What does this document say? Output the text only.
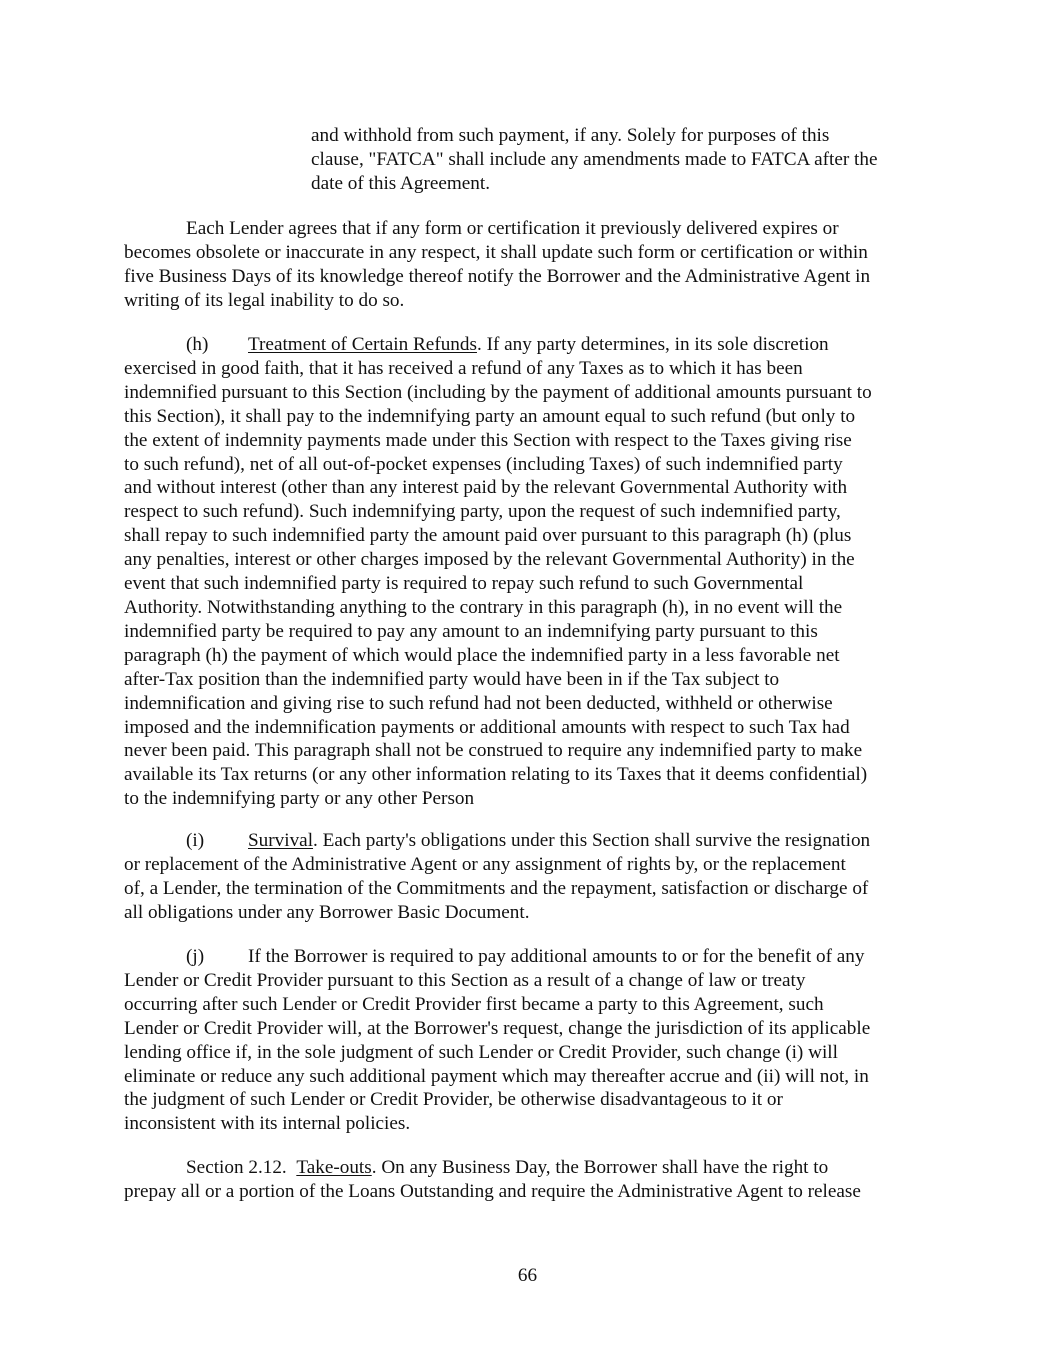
and withhold from such payment, if any. Solely for purposes of this
clause, "FATCA" shall include any amendments made to FATCA after the
date of this Agreement.

Each Lender agrees that if any form or certification it previously delivered expires or
becomes obsolete or inaccurate in any respect, it shall update such form or certification or within
five Business Days of its knowledge thereof notify the Borrower and the Administrative Agent in
writing of its legal inability to do so.

(h) Treatment of Certain Refunds. If any party determines, in its sole discretion
exercised in good faith, that it has received a refund of any Taxes as to which it has been
indemnified pursuant to this Section (including by the payment of additional amounts pursuant to
this Section), it shall pay to the indemnifying party an amount equal to such refund (but only to
the extent of indemnity payments made under this Section with respect to the Taxes giving rise
to such refund), net of all out-of-pocket expenses (including Taxes) of such indemnified party
and without interest (other than any interest paid by the relevant Governmental Authority with
respect to such refund). Such indemnifying party, upon the request of such indemnified party,
shall repay to such indemnified party the amount paid over pursuant to this paragraph (h) (plus
any penalties, interest or other charges imposed by the relevant Governmental Authority) in the
event that such indemnified party is required to repay such refund to such Governmental
Authority. Notwithstanding anything to the contrary in this paragraph (h), in no event will the
indemnified party be required to pay any amount to an indemnifying party pursuant to this
paragraph (h) the payment of which would place the indemnified party in a less favorable net
after-Tax position than the indemnified party would have been in if the Tax subject to
indemnification and giving rise to such refund had not been deducted, withheld or otherwise
imposed and the indemnification payments or additional amounts with respect to such Tax had
never been paid. This paragraph shall not be construed to require any indemnified party to make
available its Tax returns (or any other information relating to its Taxes that it deems confidential)
to the indemnifying party or any other Person

(i) Survival. Each party's obligations under this Section shall survive the resignation
or replacement of the Administrative Agent or any assignment of rights by, or the replacement
of, a Lender, the termination of the Commitments and the repayment, satisfaction or discharge of
all obligations under any Borrower Basic Document.

(j) If the Borrower is required to pay additional amounts to or for the benefit of any
Lender or Credit Provider pursuant to this Section as a result of a change of law or treaty
occurring after such Lender or Credit Provider first became a party to this Agreement, such
Lender or Credit Provider will, at the Borrower's request, change the jurisdiction of its applicable
lending office if, in the sole judgment of such Lender or Credit Provider, such change (i) will
eliminate or reduce any such additional payment which may thereafter accrue and (ii) will not, in
the judgment of such Lender or Credit Provider, be otherwise disadvantageous to it or
inconsistent with its internal policies.

Section 2.12.  Take-outs. On any Business Day, the Borrower shall have the right to
prepay all or a portion of the Loans Outstanding and require the Administrative Agent to release

66
